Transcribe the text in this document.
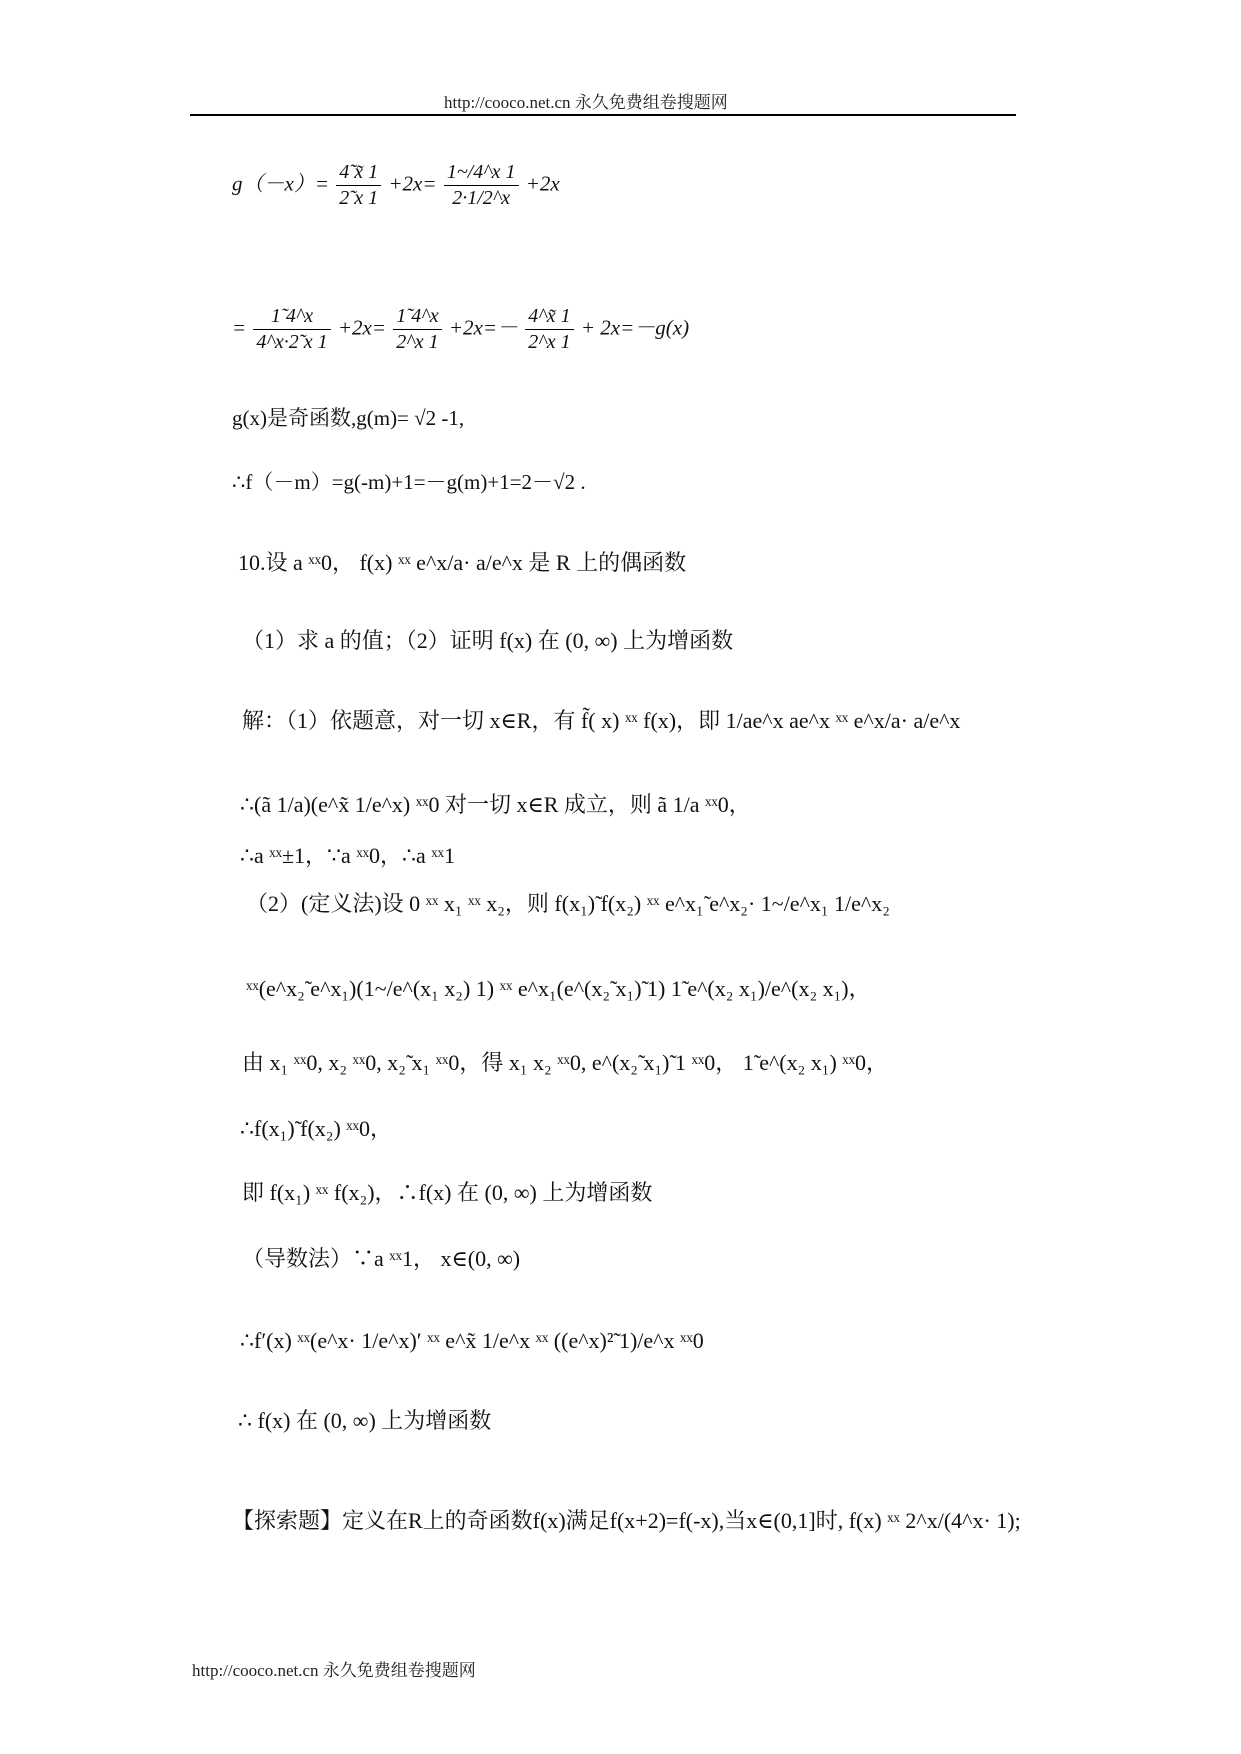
http://cooco.net.cn 永久免费组卷搜题网
$g(-x)= \frac{4̃ x̃ 1}{2̃ x 1} +2x= \frac{1\sim/4\^{}x 1}{2\cdot 1/2\^{}x} +2x$
= $\frac{1̃ 4\^{}x}{4\^{}x\cdot 2̃ x 1} +2x= \frac{1̃ 4\^{}x}{2\^{}x 1} +2x=- \frac{4\^{}x̃ 1}{2\^{}x 1} + 2x=-g(x)$
g(x)是奇函数,g(m)= √2 -1,
∴f（－m）=g(-m)+1=－g(m)+1=2－√2 .
10.设 a ˣˣ0， f(x) ˣˣ e^x/a· a/e^x 是 R 上的偶函数
（1）求 a 的值；（2）证明 f(x) 在 (0, ∞) 上为增函数
解：（1）依题意，对一切 x∈R，有 f̃( x) ˣˣ f(x)，即 1/ae^x ae^x ˣˣ e^x/a· a/e^x
∴(ã 1/a)(e^x̃ 1/e^x) ˣˣ0 对一切 x∈R 成立，则 ã 1/a ˣˣ0，
∴a ˣˣ±1，∵a ˣˣ0，∴a ˣˣ1
（2）(定义法)设 0 ˣˣ x₁ ˣˣ x₂，则 f(x₁)̃ f(x₂) ˣˣ e^x₁̃ e^x₂· 1~/e^x₁ 1/e^x₂
ˣˣ(e^x₂̃ e^x₁)(1~/e^(x₁ x₂) 1) ˣˣ e^x₁(e^(x₂̃ x₁)̃ 1) 1̃ e^(x₂ x₁)/e^(x₂ x₁)，
由 x₁ ˣˣ0, x₂ ˣˣ0, x₂̃ x₁ ˣˣ0，得 x₁ x₂ ˣˣ0, e^(x₂̃ x₁)̃ 1 ˣˣ0， 1̃ e^(x₂ x₁) ˣˣ0，
∴f(x₁)̃ f(x₂) ˣˣ0，
即 f(x₁) ˣˣ f(x₂)，∴f(x) 在 (0, ∞) 上为增函数
（导数法）∵a ˣˣ1， x∈(0, ∞)
∴f′(x) ˣˣ(e^x· 1/e^x)′ ˣˣ e^x̃ 1/e^x ˣˣ ((e^x)²̃ 1)/e^x ˣˣ0
∴ f(x) 在 (0, ∞) 上为增函数
【探索题】定义在R上的奇函数f(x)满足f(x+2)=f(-x),当x∈(0,1]时, f(x) ˣˣ 2^x/(4^x· 1);
http://cooco.net.cn 永久免费组卷搜题网
